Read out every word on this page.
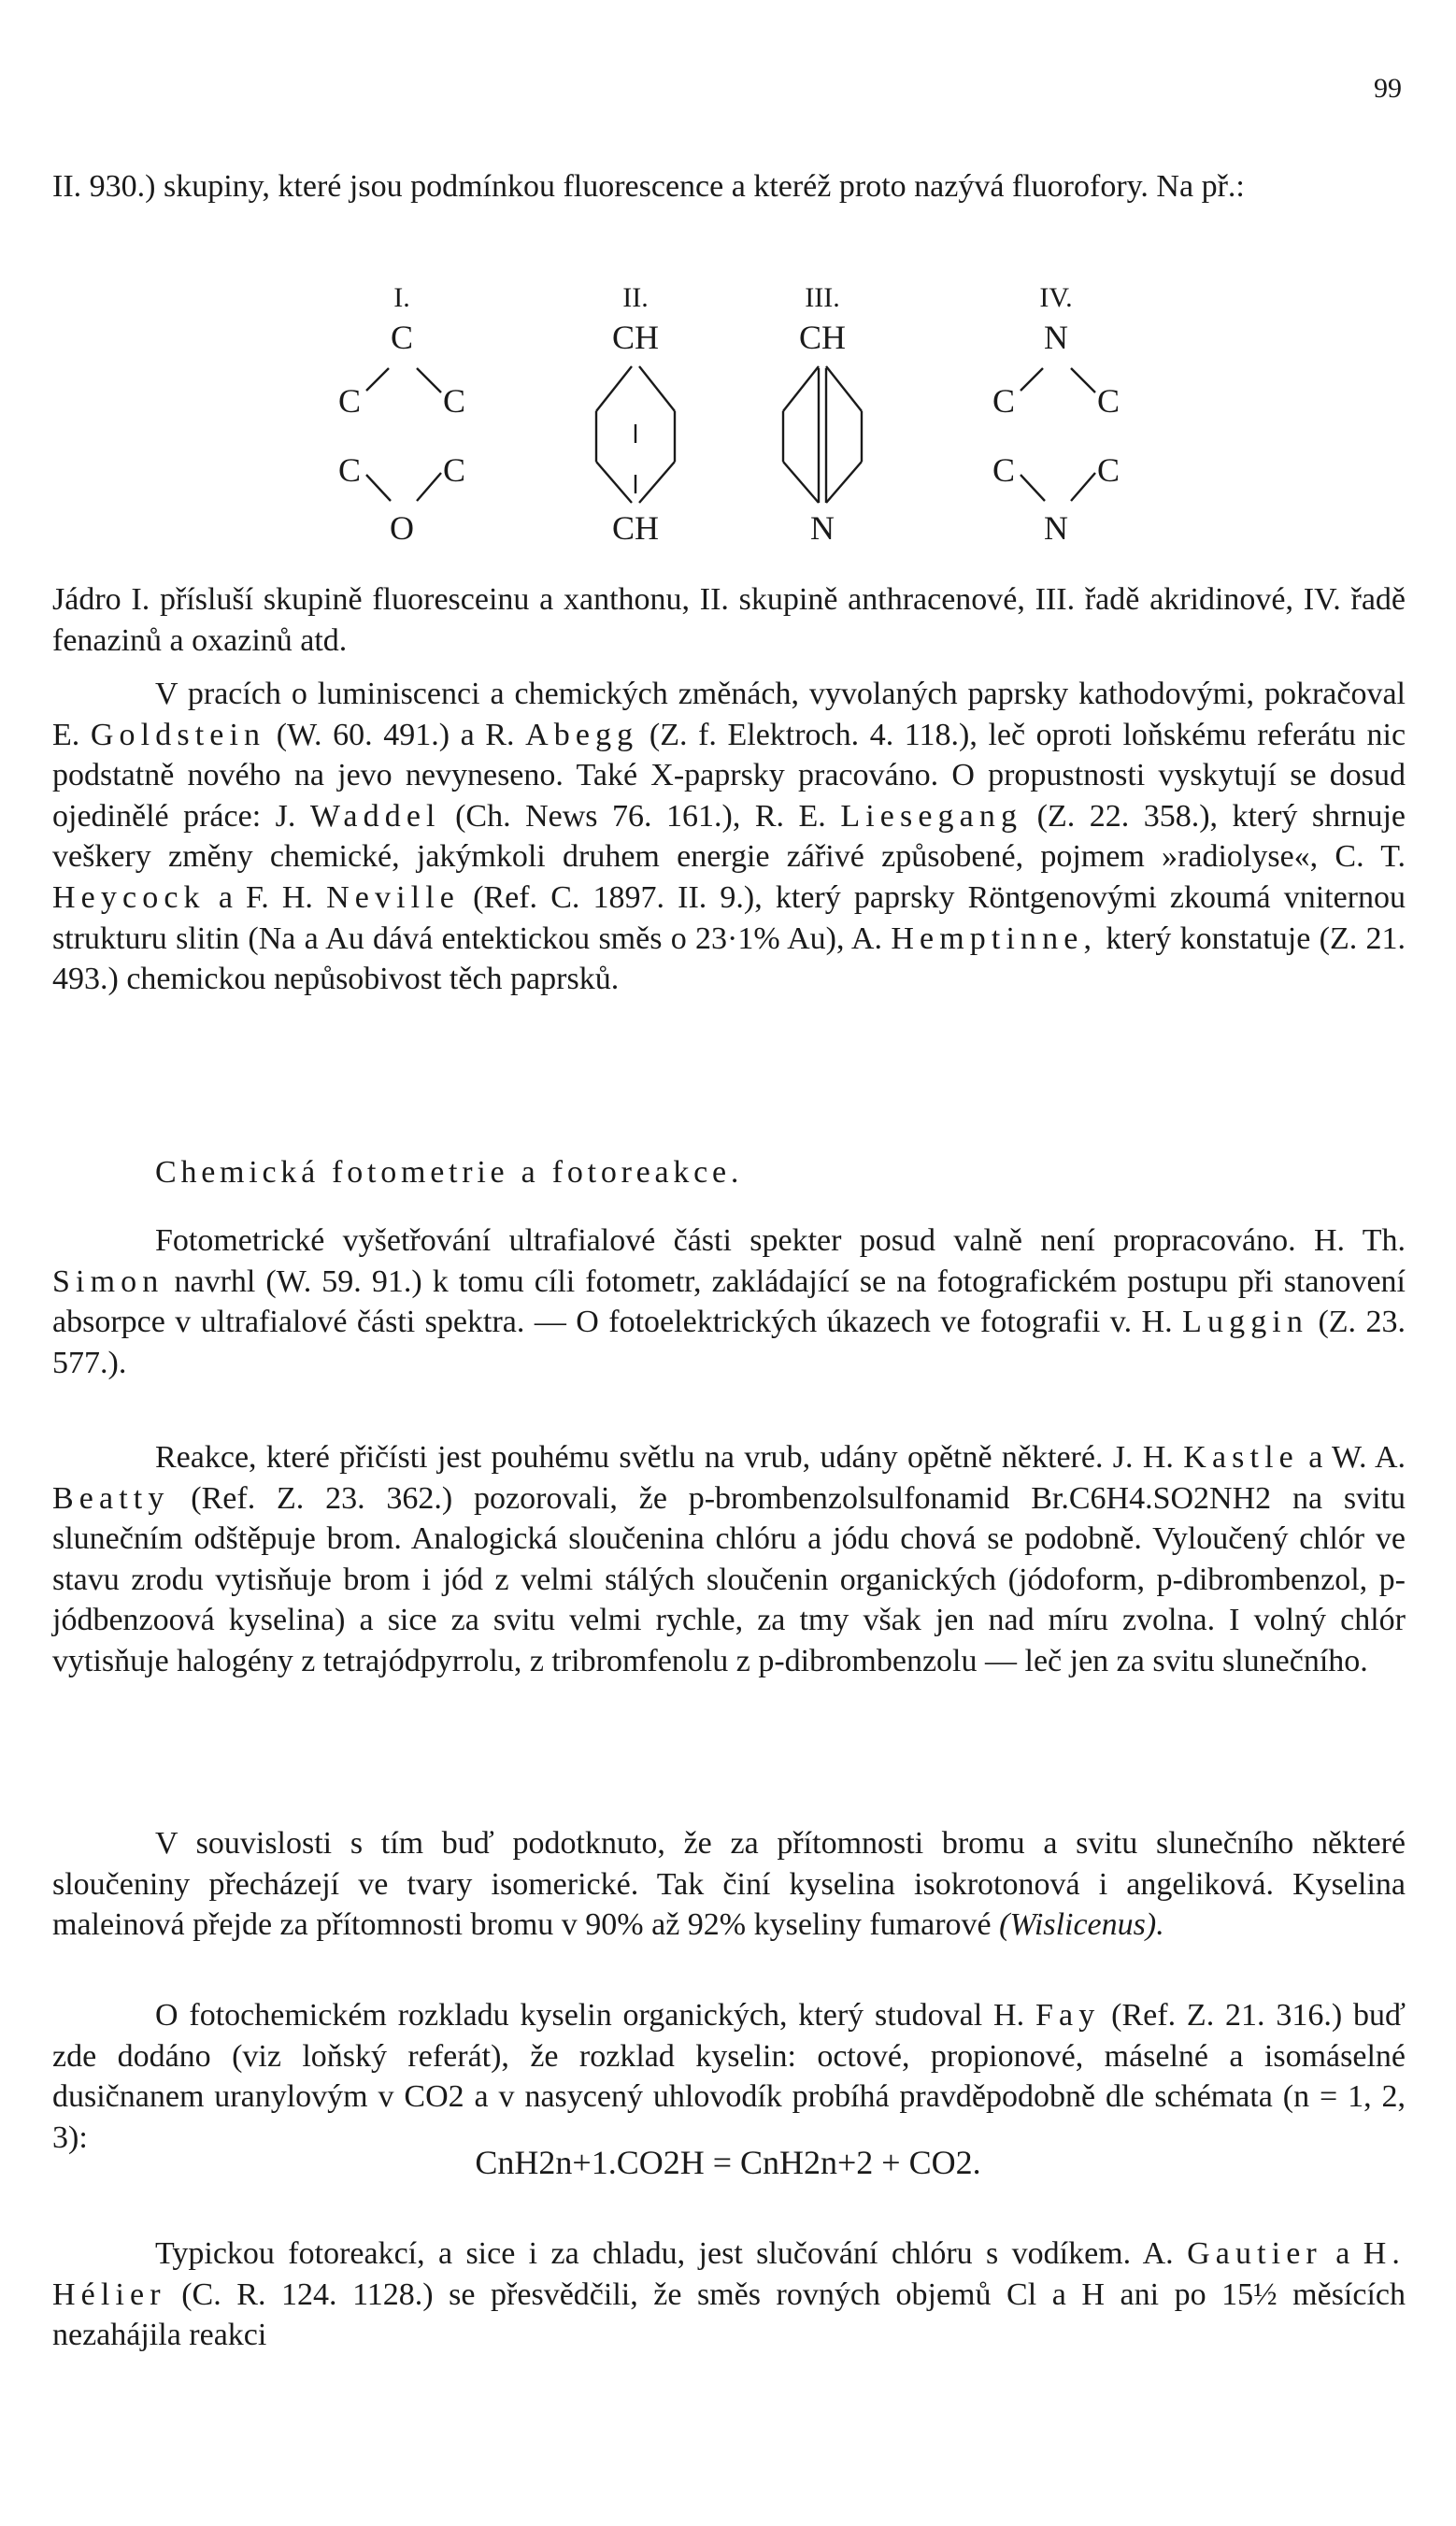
99
II. 930.) skupiny, které jsou podmínkou fluorescence a kteréž proto nazývá fluorofory. Na př.:
I.
C
C	C
C	C
O
II.
CH
CH
III.
CH
N
IV.
N
C	C
C	C
N
Jádro I. přísluší skupině fluoresceinu a xanthonu, II. skupině anthracenové, III. řadě akridinové, IV. řadě fenazinů a oxazinů atd.
V pracích o luminiscenci a chemických změnách, vyvolaných paprsky kathodovými, pokračoval E. Goldstein (W. 60. 491.) a R. Abegg (Z. f. Elektroch. 4. 118.), leč oproti loňskému referátu nic podstatně nového na jevo nevyneseno. Také X-paprsky pracováno. O propustnosti vyskytují se dosud ojedinělé práce: J. Waddel (Ch. News 76. 161.), R. E. Liesegang (Z. 22. 358.), který shrnuje veškery změny chemické, jakýmkoli druhem energie zářivé způsobené, pojmem »radiolyse«, C. T. Heycock a F. H. Neville (Ref. C. 1897. II. 9.), který paprsky Röntgenovými zkoumá vniternou strukturu slitin (Na a Au dává entektickou směs o 23·1% Au), A. Hemptinne, který konstatuje (Z. 21. 493.) chemickou nepůsobivost těch paprsků.
Chemická fotometrie a fotoreakce.
Fotometrické vyšetřování ultrafialové části spekter posud valně není propracováno. H. Th. Simon navrhl (W. 59. 91.) k tomu cíli fotometr, zakládající se na fotografickém postupu při stanovení absorpce v ultrafialové části spektra. — O fotoelektrických úkazech ve fotografii v. H. Luggin (Z. 23. 577.).
Reakce, které přičísti jest pouhému světlu na vrub, udány opětně některé. J. H. Kastle a W. A. Beatty (Ref. Z. 23. 362.) pozorovali, že p-brombenzolsulfonamid Br.C6H4.SO2NH2 na svitu slunečním odštěpuje brom. Analogická sloučenina chlóru a jódu chová se podobně. Vyloučený chlór ve stavu zrodu vytisňuje brom i jód z velmi stálých sloučenin organických (jódoform, p-dibrombenzol, p-jódbenzoová kyselina) a sice za svitu velmi rychle, za tmy však jen nad míru zvolna. I volný chlór vytisňuje halogény z tetrajódpyrrolu, z tribromfenolu z p-dibrombenzolu — leč jen za svitu slunečního.
V souvislosti s tím buď podotknuto, že za přítomnosti bromu a svitu slunečního některé sloučeniny přecházejí ve tvary isomerické. Tak činí kyselina isokrotonová i angeliková. Kyselina maleinová přejde za přítomnosti bromu v 90% až 92% kyseliny fumarové (Wislicenus).
O fotochemickém rozkladu kyselin organických, který studoval H. Fay (Ref. Z. 21. 316.) buď zde dodáno (viz loňský referát), že rozklad kyselin: octové, propionové, máselné a isomáselné dusičnanem uranylovým v CO2 a v nasycený uhlovodík probíhá pravděpodobně dle schémata (n = 1, 2, 3):
CnH2n+1.CO2H = CnH2n+2 + CO2.
Typickou fotoreakcí, a sice i za chladu, jest slučování chlóru s vodíkem. A. Gautier a H. Hélier (C. R. 124. 1128.) se přesvědčili, že směs rovných objemů Cl a H ani po 15½ měsících nezahájila reakci
